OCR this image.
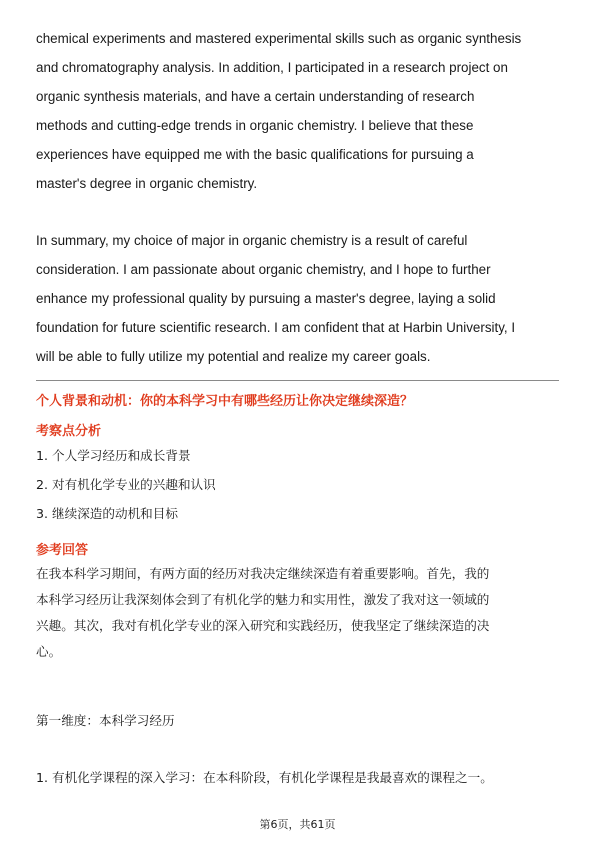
chemical experiments and mastered experimental skills such as organic synthesis
and chromatography analysis. In addition, I participated in a research project on
organic synthesis materials, and have a certain understanding of research
methods and cutting-edge trends in organic chemistry. I believe that these
experiences have equipped me with the basic qualifications for pursuing a
master's degree in organic chemistry.
In summary, my choice of major in organic chemistry is a result of careful
consideration. I am passionate about organic chemistry, and I hope to further
enhance my professional quality by pursuing a master's degree, laying a solid
foundation for future scientific research. I am confident that at Harbin University, I
will be able to fully utilize my potential and realize my career goals.
个人背景和动机：你的本科学习中有哪些经历让你决定继续深造？
考察点分析
1. 个人学习经历和成长背景
2. 对有机化学专业的兴趣和认识
3. 继续深造的动机和目标
参考回答
在我本科学习期间，有两方面的经历对我决定继续深造有着重要影响。首先，我的
本科学习经历让我深刻体会到了有机化学的魅力和实用性，激发了我对这一领域的
兴趣。其次，我对有机化学专业的深入研究和实践经历，使我坚定了继续深造的决
心。
第一维度：本科学习经历
1. 有机化学课程的深入学习：在本科阶段，有机化学课程是我最喜欢的课程之一。
第6页，共61页
